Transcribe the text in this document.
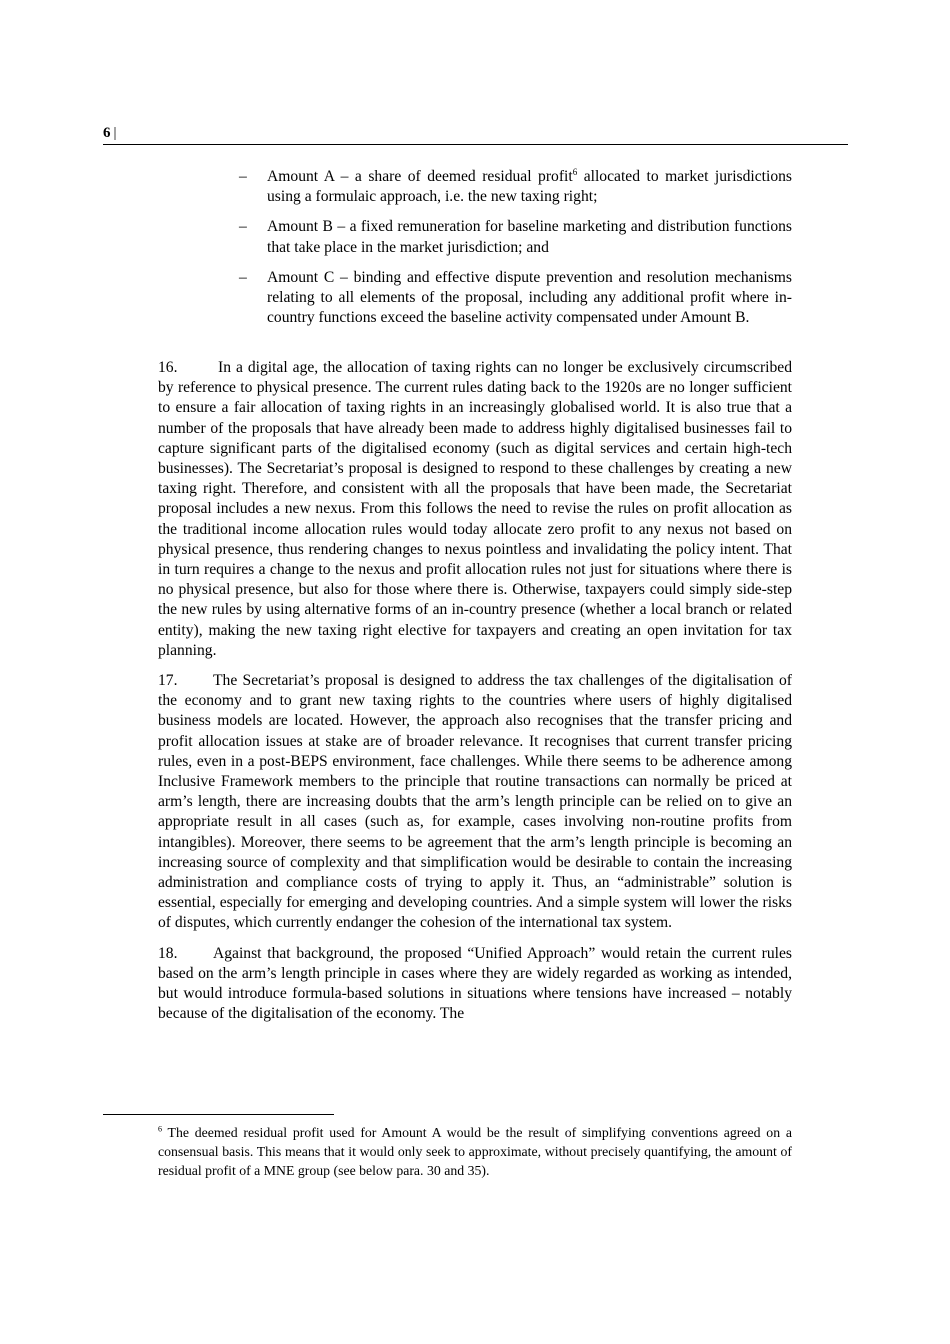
6 |
– Amount A – a share of deemed residual profit$^6$ allocated to market jurisdictions using a formulaic approach, i.e. the new taxing right;
– Amount B – a fixed remuneration for baseline marketing and distribution functions that take place in the market jurisdiction; and
– Amount C – binding and effective dispute prevention and resolution mechanisms relating to all elements of the proposal, including any additional profit where in-country functions exceed the baseline activity compensated under Amount B.

16.	In a digital age, the allocation of taxing rights can no longer be exclusively circumscribed by reference to physical presence. The current rules dating back to the 1920s are no longer sufficient to ensure a fair allocation of taxing rights in an increasingly globalised world. It is also true that a number of the proposals that have already been made to address highly digitalised businesses fail to capture significant parts of the digitalised economy (such as digital services and certain high-tech businesses). The Secretariat’s proposal is designed to respond to these challenges by creating a new taxing right. Therefore, and consistent with all the proposals that have been made, the Secretariat proposal includes a new nexus. From this follows the need to revise the rules on profit allocation as the traditional income allocation rules would today allocate zero profit to any nexus not based on physical presence, thus rendering changes to nexus pointless and invalidating the policy intent. That in turn requires a change to the nexus and profit allocation rules not just for situations where there is no physical presence, but also for those where there is. Otherwise, taxpayers could simply side-step the new rules by using alternative forms of an in-country presence (whether a local branch or related entity), making the new taxing right elective for taxpayers and creating an open invitation for tax planning.

17. The Secretariat’s proposal is designed to address the tax challenges of the digitalisation of the economy and to grant new taxing rights to the countries where users of highly digitalised business models are located. However, the approach also recognises that the transfer pricing and profit allocation issues at stake are of broader relevance. It recognises that current transfer pricing rules, even in a post-BEPS environment, face challenges. While there seems to be adherence among Inclusive Framework members to the principle that routine transactions can normally be priced at arm’s length, there are increasing doubts that the arm’s length principle can be relied on to give an appropriate result in all cases (such as, for example, cases involving non-routine profits from intangibles). Moreover, there seems to be agreement that the arm’s length principle is becoming an increasing source of complexity and that simplification would be desirable to contain the increasing administration and compliance costs of trying to apply it. Thus, an “administrable” solution is essential, especially for emerging and developing countries. And a simple system will lower the risks of disputes, which currently endanger the cohesion of the international tax system.

18. Against that background, the proposed “Unified Approach” would retain the current rules based on the arm’s length principle in cases where they are widely regarded as working as intended, but would introduce formula-based solutions in situations where tensions have increased – notably because of the digitalisation of the economy. The

$^6$ The deemed residual profit used for Amount A would be the result of simplifying conventions agreed on a consensual basis. This means that it would only seek to approximate, without precisely quantifying, the amount of residual profit of a MNE group (see below para. 30 and 35).
